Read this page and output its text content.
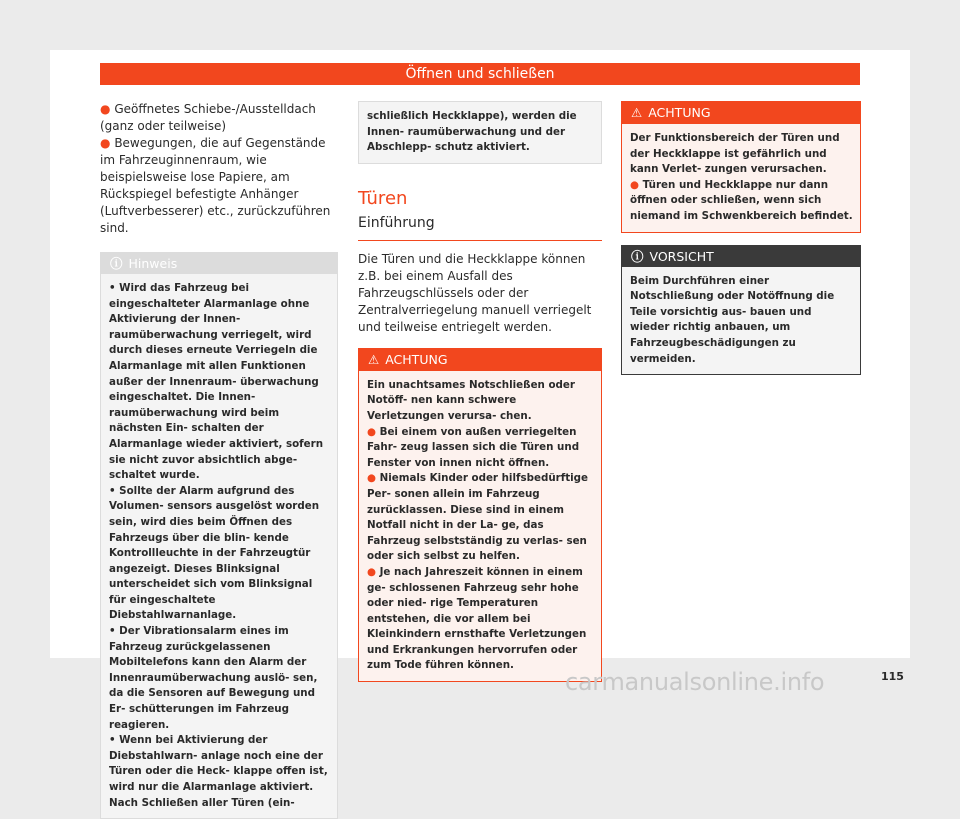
Öffnen und schließen

● Geöffnetes Schiebe-/Ausstelldach (ganz oder teilweise)

● Bewegungen, die auf Gegenstände im Fahrzeuginnenraum, wie beispielsweise lose Papiere, am Rückspiegel befestigte Anhänger (Luftverbesserer) etc., zurückzuführen sind.

ⓘ Hinweis

• Wird das Fahrzeug bei eingeschalteter Alarmanlage ohne Aktivierung der Innen- raumüberwachung verriegelt, wird durch dieses erneute Verriegeln die Alarmanlage mit allen Funktionen außer der Innenraum- überwachung eingeschaltet. Die Innen- raumüberwachung wird beim nächsten Ein- schalten der Alarmanlage wieder aktiviert, sofern sie nicht zuvor absichtlich abge- schaltet wurde.

• Sollte der Alarm aufgrund des Volumen- sensors ausgelöst worden sein, wird dies beim Öffnen des Fahrzeugs über die blin- kende Kontrollleuchte in der Fahrzeugtür angezeigt. Dieses Blinksignal unterscheidet sich vom Blinksignal für eingeschaltete Diebstahlwarnanlage.

• Der Vibrationsalarm eines im Fahrzeug zurückgelassenen Mobiltelefons kann den Alarm der Innenraumüberwachung auslö- sen, da die Sensoren auf Bewegung und Er- schütterungen im Fahrzeug reagieren.

• Wenn bei Aktivierung der Diebstahlwarn- anlage noch eine der Türen oder die Heck- klappe offen ist, wird nur die Alarmanlage aktiviert. Nach Schließen aller Türen (ein-

schließlich Heckklappe), werden die Innen- raumüberwachung und der Abschlepp- schutz aktiviert.
Türen
Einführung

Die Türen und die Heckklappe können z.B. bei einem Ausfall des Fahrzeugschlüssels oder der Zentralverriegelung manuell verriegelt und teilweise entriegelt werden.

⚠ ACHTUNG

Ein unachtsames Notschließen oder Notöff- nen kann schwere Verletzungen verursa- chen.

● Bei einem von außen verriegelten Fahr- zeug lassen sich die Türen und Fenster von innen nicht öffnen.

● Niemals Kinder oder hilfsbedürftige Per- sonen allein im Fahrzeug zurücklassen. Diese sind in einem Notfall nicht in der La- ge, das Fahrzeug selbstständig zu verlas- sen oder sich selbst zu helfen.

● Je nach Jahreszeit können in einem ge- schlossenen Fahrzeug sehr hohe oder nied- rige Temperaturen entstehen, die vor allem bei Kleinkindern ernsthafte Verletzungen und Erkrankungen hervorrufen oder zum Tode führen können.

⚠ ACHTUNG

Der Funktionsbereich der Türen und der Heckklappe ist gefährlich und kann Verlet- zungen verursachen.

● Türen und Heckklappe nur dann öffnen oder schließen, wenn sich niemand im Schwenkbereich befindet.

ⓘ VORSICHT
Beim Durchführen einer Notschließung oder Notöffnung die Teile vorsichtig aus- bauen und wieder richtig anbauen, um Fahrzeugbeschädigungen zu vermeiden.
115
carmanualsonline.info
